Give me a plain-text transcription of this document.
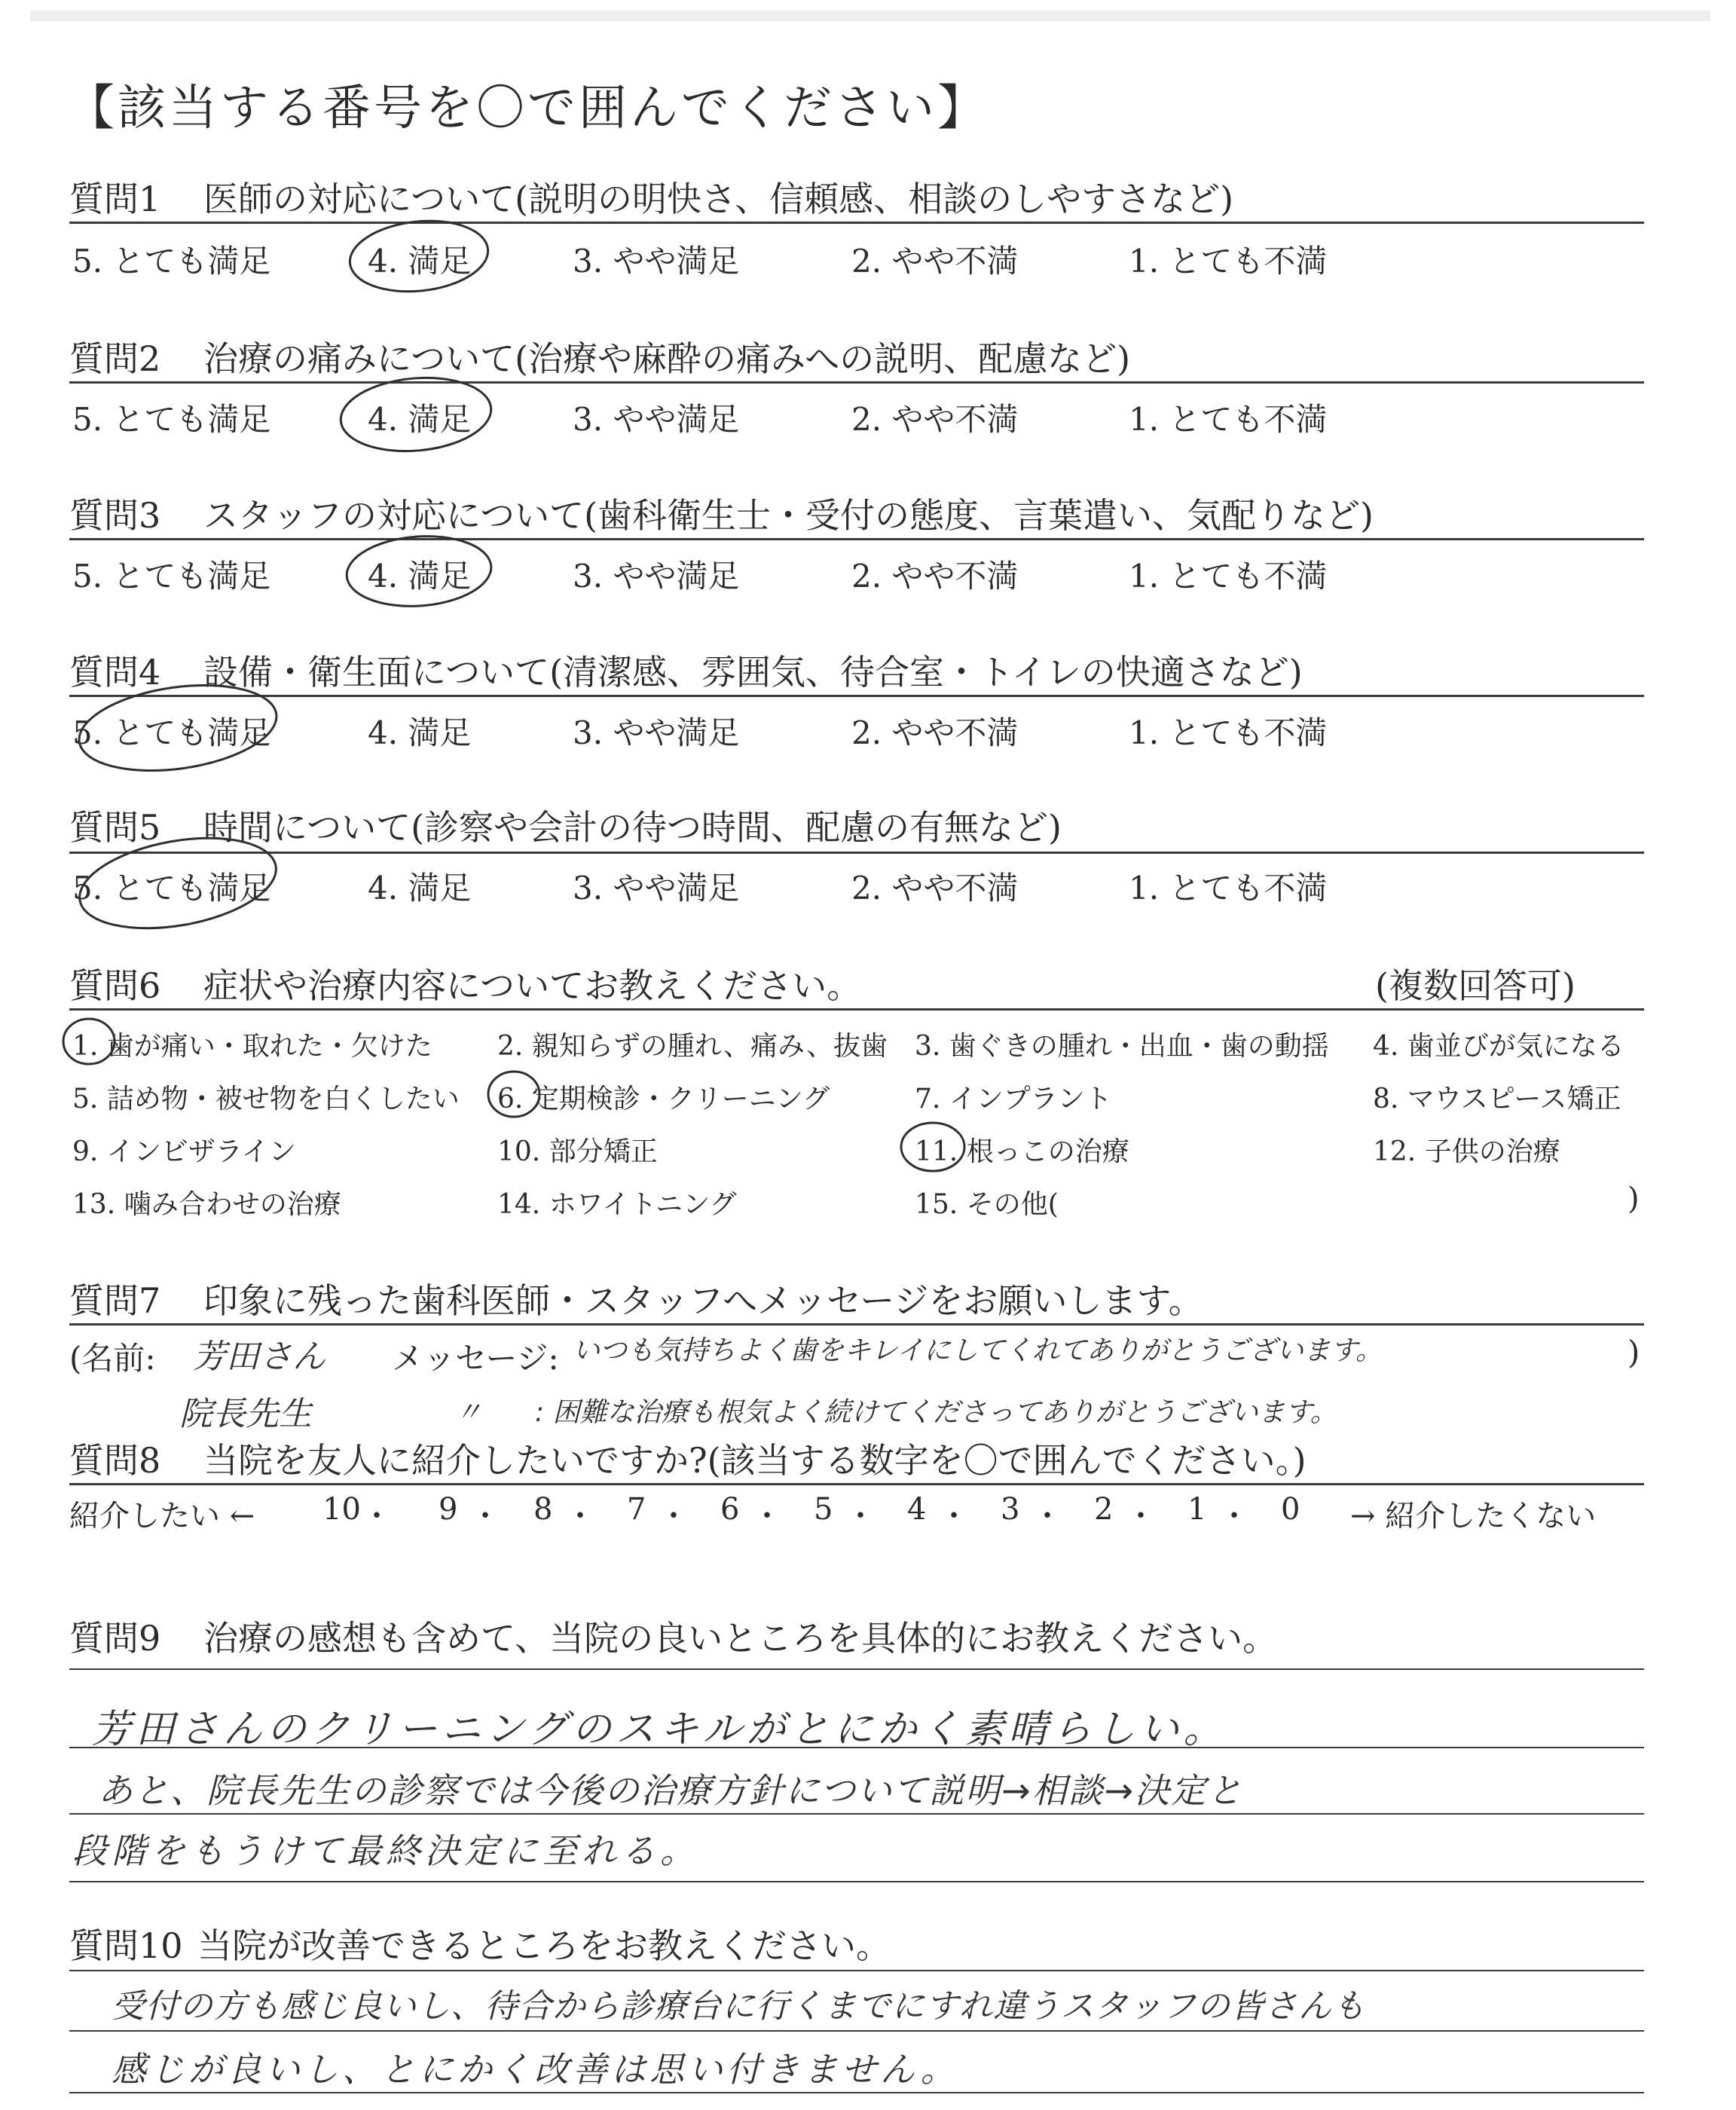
【該当する番号を〇で囲んでください】
質問1 医師の対応について(説明の明快さ、信頼感、相談のしやすさなど)
5. とても満足	4. 満足	3. やや満足	2. やや不満	1. とても不満
質問2 治療の痛みについて(治療や麻酔の痛みへの説明、配慮など)
5. とても満足	4. 満足	3. やや満足	2. やや不満	1. とても不満
質問3 スタッフの対応について(歯科衛生士・受付の態度、言葉遣い、気配りなど)
5. とても満足	4. 満足	3. やや満足	2. やや不満	1. とても不満
質問4 設備・衛生面について(清潔感、雰囲気、待合室・トイレの快適さなど)
5. とても満足	4. 満足	3. やや満足	2. やや不満	1. とても不満
質問5 時間について(診察や会計の待つ時間、配慮の有無など)
5. とても満足	4. 満足	3. やや満足	2. やや不満	1. とても不満
質問6 症状や治療内容についてお教えください。	(複数回答可)
1. 歯が痛い・取れた・欠けた 2. 親知らずの腫れ、痛み、抜歯 3. 歯ぐきの腫れ・出血・歯の動揺 4. 歯並びが気になる
5. 詰め物・被せ物を白くしたい 6. 定期検診・クリーニング	7. インプラント	8. マウスピース矯正
9. インビザライン	10. 部分矯正	11. 根っこの治療	12. 子供の治療
13. 噛み合わせの治療	14. ホワイトニング	15. その他(	)
質問7 印象に残った歯科医師・スタッフへメッセージをお願いします。
(名前: 芳田さん メッセージ: いつも気持ちよく歯をキレイにしてくれてありがとうございます。	)
院長先生	〃 : 困難な治療も根気よく続けてくださってありがとうございます。
質問8 当院を友人に紹介したいですか?(該当する数字を〇で囲んでください。)
紹介したい ← 10 ・ 9 ・ 8 ・ 7 ・ 6 ・ 5 ・ 4 ・ 3 ・ 2 ・ 1 ・ 0 → 紹介したくない
質問9 治療の感想も含めて、当院の良いところを具体的にお教えください。
芳田さんのクリーニングのスキルがとにかく素晴らしい。
あと、院長先生の診察では今後の治療方針について説明→相談→決定と
段階をもうけて最終決定に至れる。
質問10 当院が改善できるところをお教えください。
受付の方も感じ良いし、待合から診療台に行くまでにすれ違うスタッフの皆さんも
感じが良いし、とにかく改善は思い付きません。
